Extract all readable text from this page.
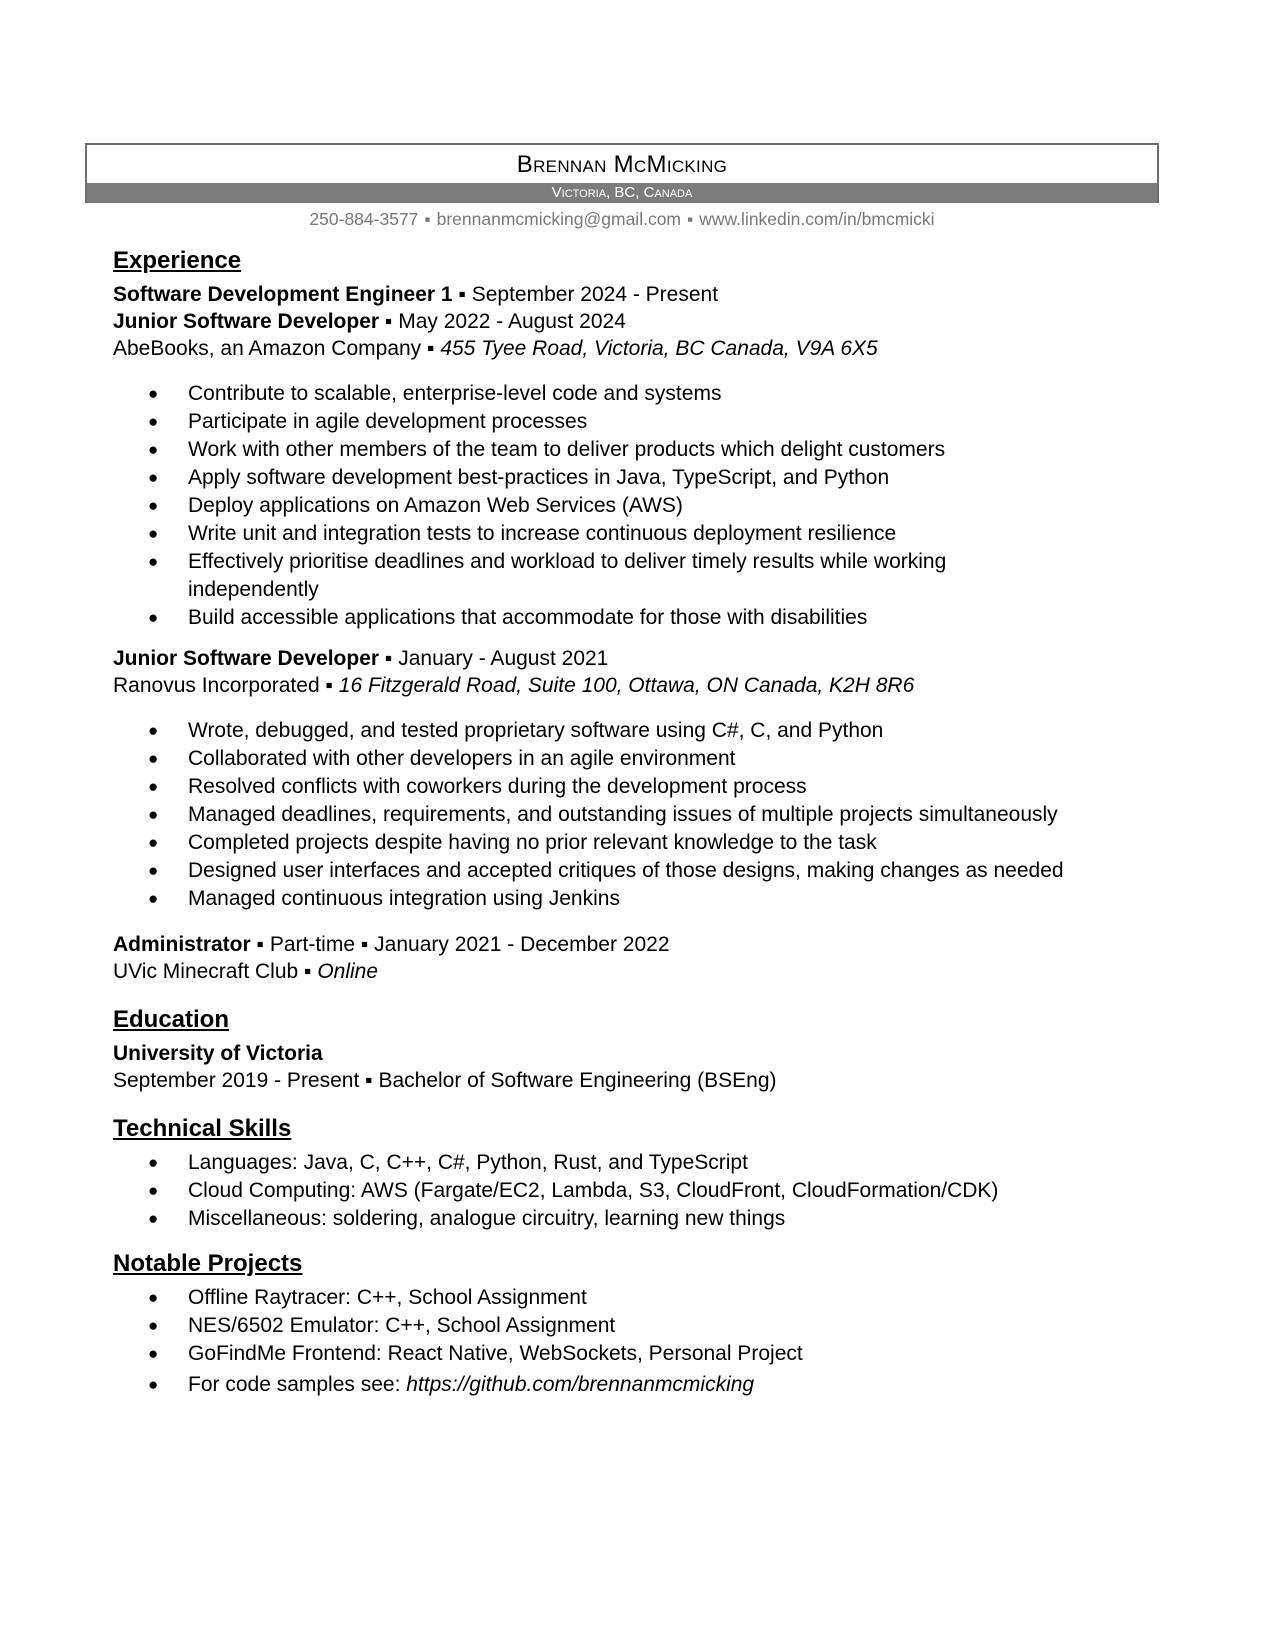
Brennan McMicking
Victoria, BC, Canada
250-884-3577 ▪ brennanmcmicking@gmail.com ▪ www.linkedin.com/in/bmcmicki
Experience
Software Development Engineer 1 ▪ September 2024 - Present
Junior Software Developer ▪ May 2022 - August 2024
AbeBooks, an Amazon Company ▪ 455 Tyee Road, Victoria, BC Canada, V9A 6X5
● Contribute to scalable, enterprise-level code and systems
● Participate in agile development processes
● Work with other members of the team to deliver products which delight customers
● Apply software development best-practices in Java, TypeScript, and Python
● Deploy applications on Amazon Web Services (AWS)
● Write unit and integration tests to increase continuous deployment resilience
● Effectively prioritise deadlines and workload to deliver timely results while working independently
● Build accessible applications that accommodate for those with disabilities
Junior Software Developer ▪ January - August 2021
Ranovus Incorporated ▪ 16 Fitzgerald Road, Suite 100, Ottawa, ON Canada, K2H 8R6
● Wrote, debugged, and tested proprietary software using C#, C, and Python
● Collaborated with other developers in an agile environment
● Resolved conflicts with coworkers during the development process
● Managed deadlines, requirements, and outstanding issues of multiple projects simultaneously
● Completed projects despite having no prior relevant knowledge to the task
● Designed user interfaces and accepted critiques of those designs, making changes as needed
● Managed continuous integration using Jenkins
Administrator ▪ Part-time ▪ January 2021 - December 2022
UVic Minecraft Club ▪ Online
Education
University of Victoria
September 2019 - Present ▪ Bachelor of Software Engineering (BSEng)
Technical Skills
● Languages: Java, C, C++, C#, Python, Rust, and TypeScript
● Cloud Computing: AWS (Fargate/EC2, Lambda, S3, CloudFront, CloudFormation/CDK)
● Miscellaneous: soldering, analogue circuitry, learning new things
Notable Projects
● Offline Raytracer: C++, School Assignment
● NES/6502 Emulator: C++, School Assignment
● GoFindMe Frontend: React Native, WebSockets, Personal Project
● For code samples see: https://github.com/brennanmcmicking
